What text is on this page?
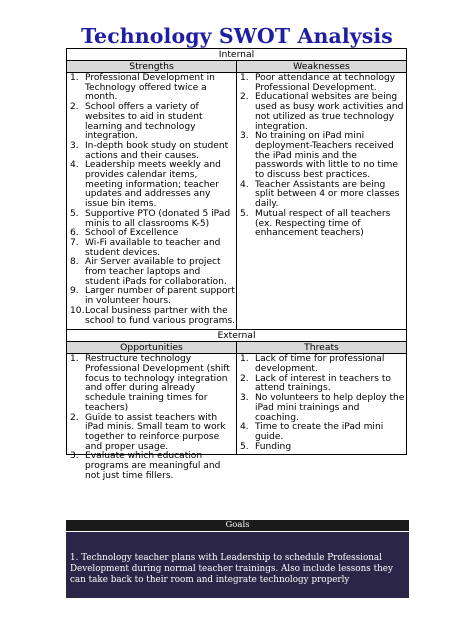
Technology SWOT Analysis
Internal
Strengths	Weaknesses
1. Professional Development in Technology offered twice a month.
2. School offers a variety of websites to aid in student learning and technology integration.
3. In-depth book study on student actions and their causes.
4. Leadership meets weekly and provides calendar items, meeting information; teacher updates and addresses any issue bin items.
5. Supportive PTO (donated 5 iPad minis to all classrooms K-5)
6. School of Excellence
7. Wi-Fi available to teacher and student devices.
8. Air Server available to project from teacher laptops and student iPads for collaboration.
9. Larger number of parent support in volunteer hours.
10. Local business partner with the school to fund various programs.
1. Poor attendance at technology Professional Development.
2. Educational websites are being used as busy work activities and not utilized as true technology integration.
3. No training on iPad mini deployment-Teachers received the iPad minis and the passwords with little to no time to discuss best practices.
4. Teacher Assistants are being split between 4 or more classes daily.
5. Mutual respect of all teachers (ex. Respecting time of enhancement teachers)
External
Opportunities	Threats
1. Restructure technology Professional Development (shift focus to technology integration and offer during already schedule training times for teachers)
2. Guide to assist teachers with iPad minis. Small team to work together to reinforce purpose and proper usage.
3. Evaluate which education programs are meaningful and not just time fillers.
1. Lack of time for professional development.
2. Lack of interest in teachers to attend trainings.
3. No volunteers to help deploy the iPad mini trainings and coaching.
4. Time to create the iPad mini guide.
5. Funding
Goals
1. Technology teacher plans with Leadership to schedule Professional Development during normal teacher trainings. Also include lessons they can take back to their room and integrate technology properly
